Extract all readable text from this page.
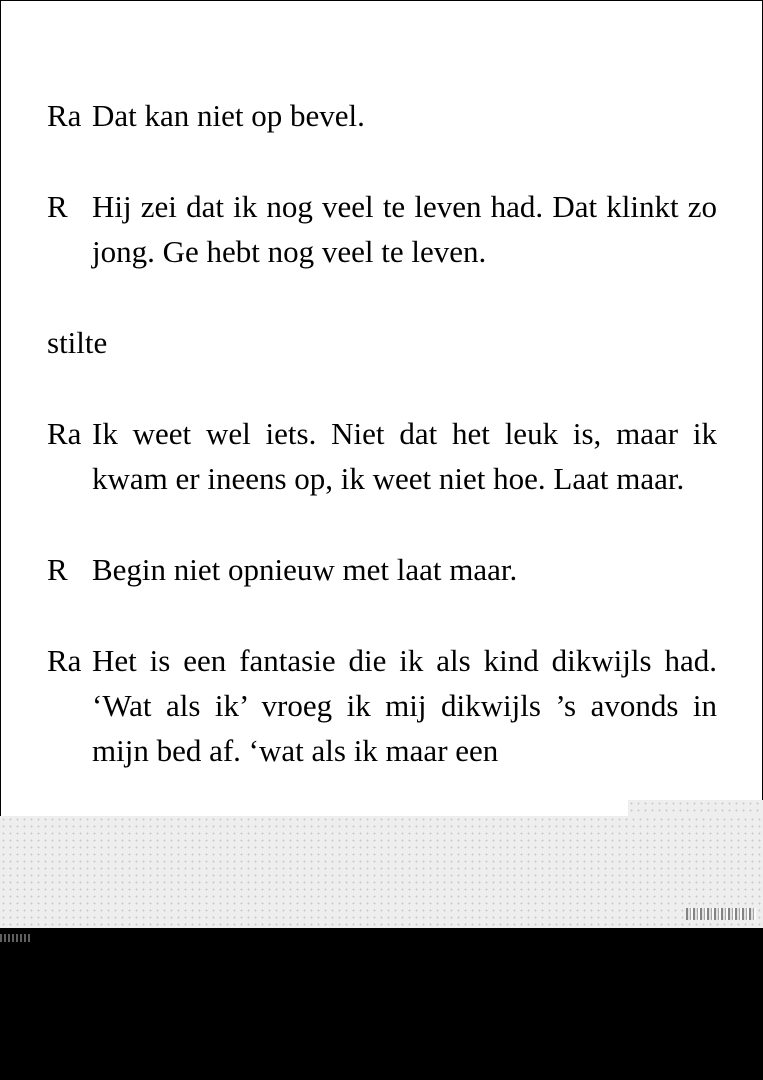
Ra Dat kan niet op bevel.

R Hij zei dat ik nog veel te leven had. Dat klinkt zo jong. Ge hebt nog veel te leven.

stilte

Ra Ik weet wel iets. Niet dat het leuk is, maar ik kwam er ineens op, ik weet niet hoe. Laat maar.

R Begin niet opnieuw met laat maar.

Ra Het is een fantasie die ik als kind dikwijls had. ‘Wat als ik’ vroeg ik mij dikwijls ’s avonds in mijn bed af. ‘wat als ik maar een
